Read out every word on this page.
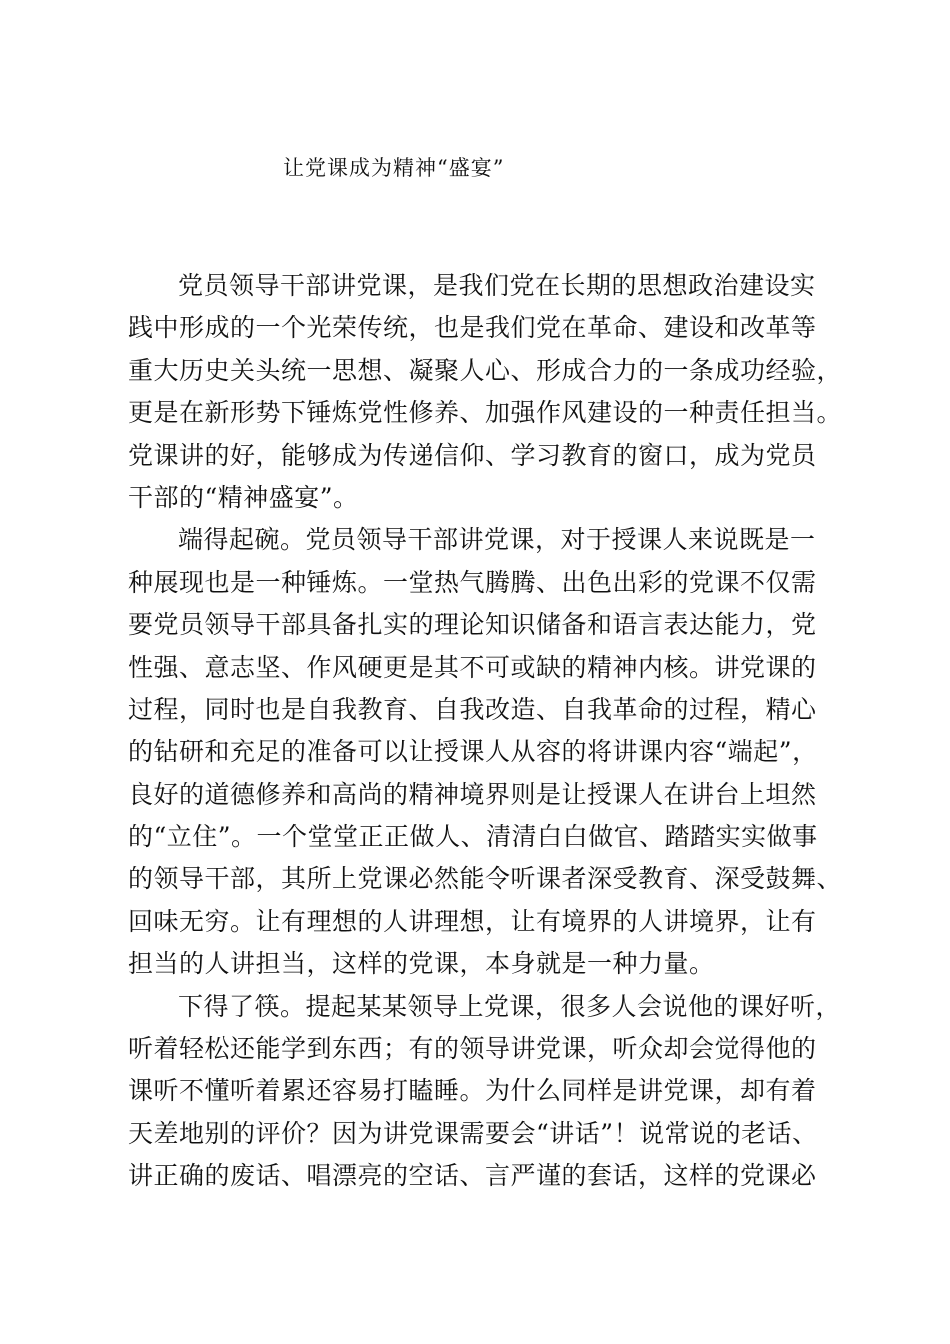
让党课成为精神“盛宴”
党员领导干部讲党课，是我们党在长期的思想政治建设实
践中形成的一个光荣传统，也是我们党在革命、建设和改革等
重大历史关头统一思想、凝聚人心、形成合力的一条成功经验，
更是在新形势下锤炼党性修养、加强作风建设的一种责任担当。
党课讲的好，能够成为传递信仰、学习教育的窗口，成为党员
干部的“精神盛宴”。
端得起碗。党员领导干部讲党课，对于授课人来说既是一
种展现也是一种锤炼。一堂热气腾腾、出色出彩的党课不仅需
要党员领导干部具备扎实的理论知识储备和语言表达能力，党
性强、意志坚、作风硬更是其不可或缺的精神内核。讲党课的
过程，同时也是自我教育、自我改造、自我革命的过程，精心
的钻研和充足的准备可以让授课人从容的将讲课内容“端起”，
良好的道德修养和高尚的精神境界则是让授课人在讲台上坦然
的“立住”。一个堂堂正正做人、清清白白做官、踏踏实实做事
的领导干部，其所上党课必然能令听课者深受教育、深受鼓舞、
回味无穷。让有理想的人讲理想，让有境界的人讲境界，让有
担当的人讲担当，这样的党课，本身就是一种力量。
下得了筷。提起某某领导上党课，很多人会说他的课好听，
听着轻松还能学到东西；有的领导讲党课，听众却会觉得他的
课听不懂听着累还容易打瞌睡。为什么同样是讲党课，却有着
天差地别的评价？因为讲党课需要会“讲话”！说常说的老话、
讲正确的废话、唱漂亮的空话、言严谨的套话，这样的党课必
